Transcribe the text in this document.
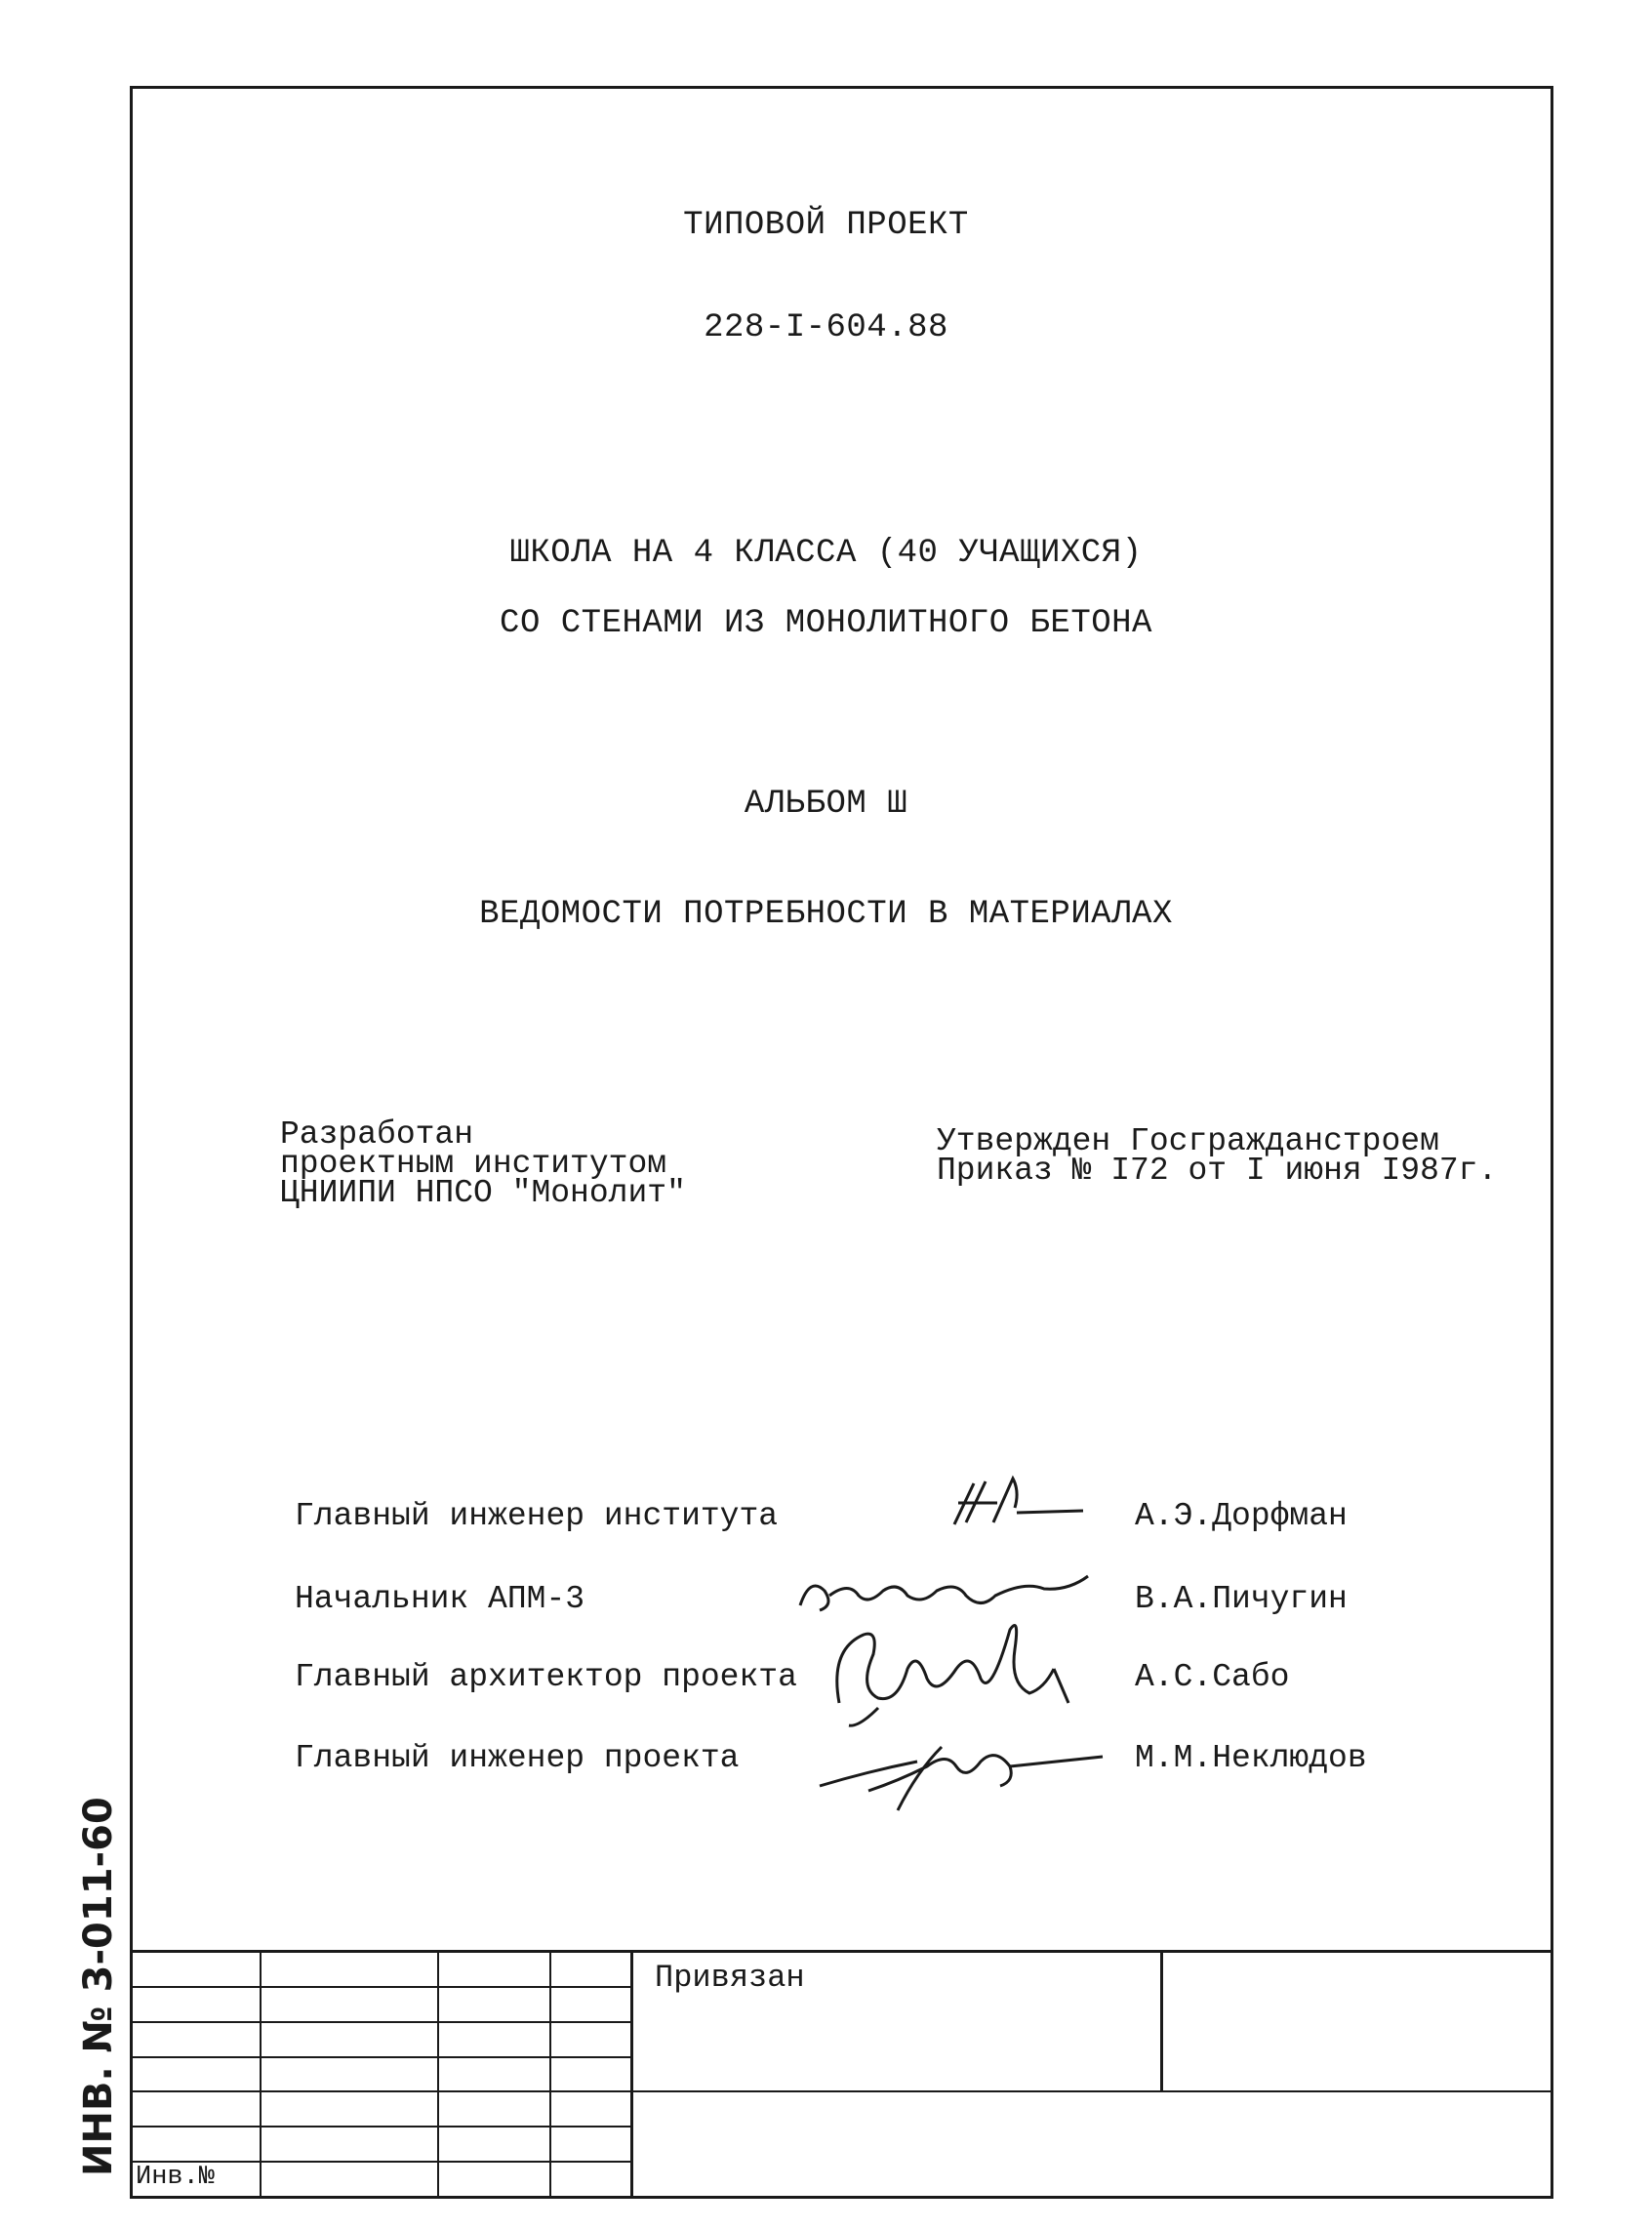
ТИПОВОЙ ПРОЕКТ
228-I-604.88
ШКОЛА НА 4 КЛАССА (40 УЧАЩИХСЯ)
СО СТЕНАМИ ИЗ МОНОЛИТНОГО БЕТОНА
АЛЬБОМ Ш
ВЕДОМОСТИ ПОТРЕБНОСТИ В МАТЕРИАЛАХ
Разработан
проектным институтом
ЦНИИПИ НПСО "Монолит"
Утвержден Госгражданстроем
Приказ № I72 от I июня I987г.
Главный инженер института	А.Э.Дорфман
Начальник АПМ-3	В.А.Пичугин
Главный архитектор проекта	А.С.Сабо
Главный инженер проекта	М.М.Неклюдов
ИНВ. № 3-011-60	Привязан
Инв.№
